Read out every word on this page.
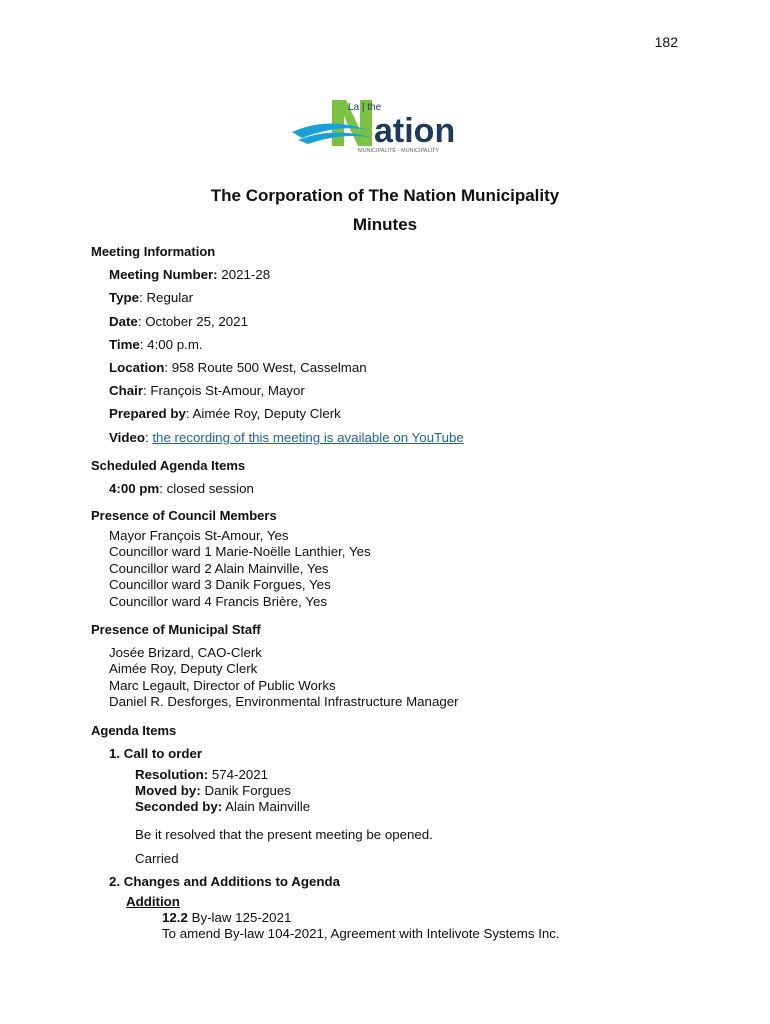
182
La | the
ation
MUNICIPALITÉ · MUNICIPALITY
The Corporation of The Nation Municipality
Minutes
Meeting Information
Meeting Number: 2021-28
Type: Regular
Date: October 25, 2021
Time: 4:00 p.m.
Location: 958 Route 500 West, Casselman
Chair: François St-Amour, Mayor
Prepared by: Aimée Roy, Deputy Clerk
Video: the recording of this meeting is available on YouTube
Scheduled Agenda Items
4:00 pm: closed session
Presence of Council Members
Mayor François St-Amour, Yes
Councillor ward 1 Marie-Noëlle Lanthier, Yes
Councillor ward 2 Alain Mainville, Yes
Councillor ward 3 Danik Forgues, Yes
Councillor ward 4 Francis Brière, Yes
Presence of Municipal Staff
Josée Brizard, CAO-Clerk
Aimée Roy, Deputy Clerk
Marc Legault, Director of Public Works
Daniel R. Desforges, Environmental Infrastructure Manager
Agenda Items
1. Call to order
Resolution: 574-2021
Moved by: Danik Forgues
Seconded by: Alain Mainville
Be it resolved that the present meeting be opened.
Carried
2. Changes and Additions to Agenda
Addition
12.2 By-law 125-2021
To amend By-law 104-2021, Agreement with Intelivote Systems Inc.
